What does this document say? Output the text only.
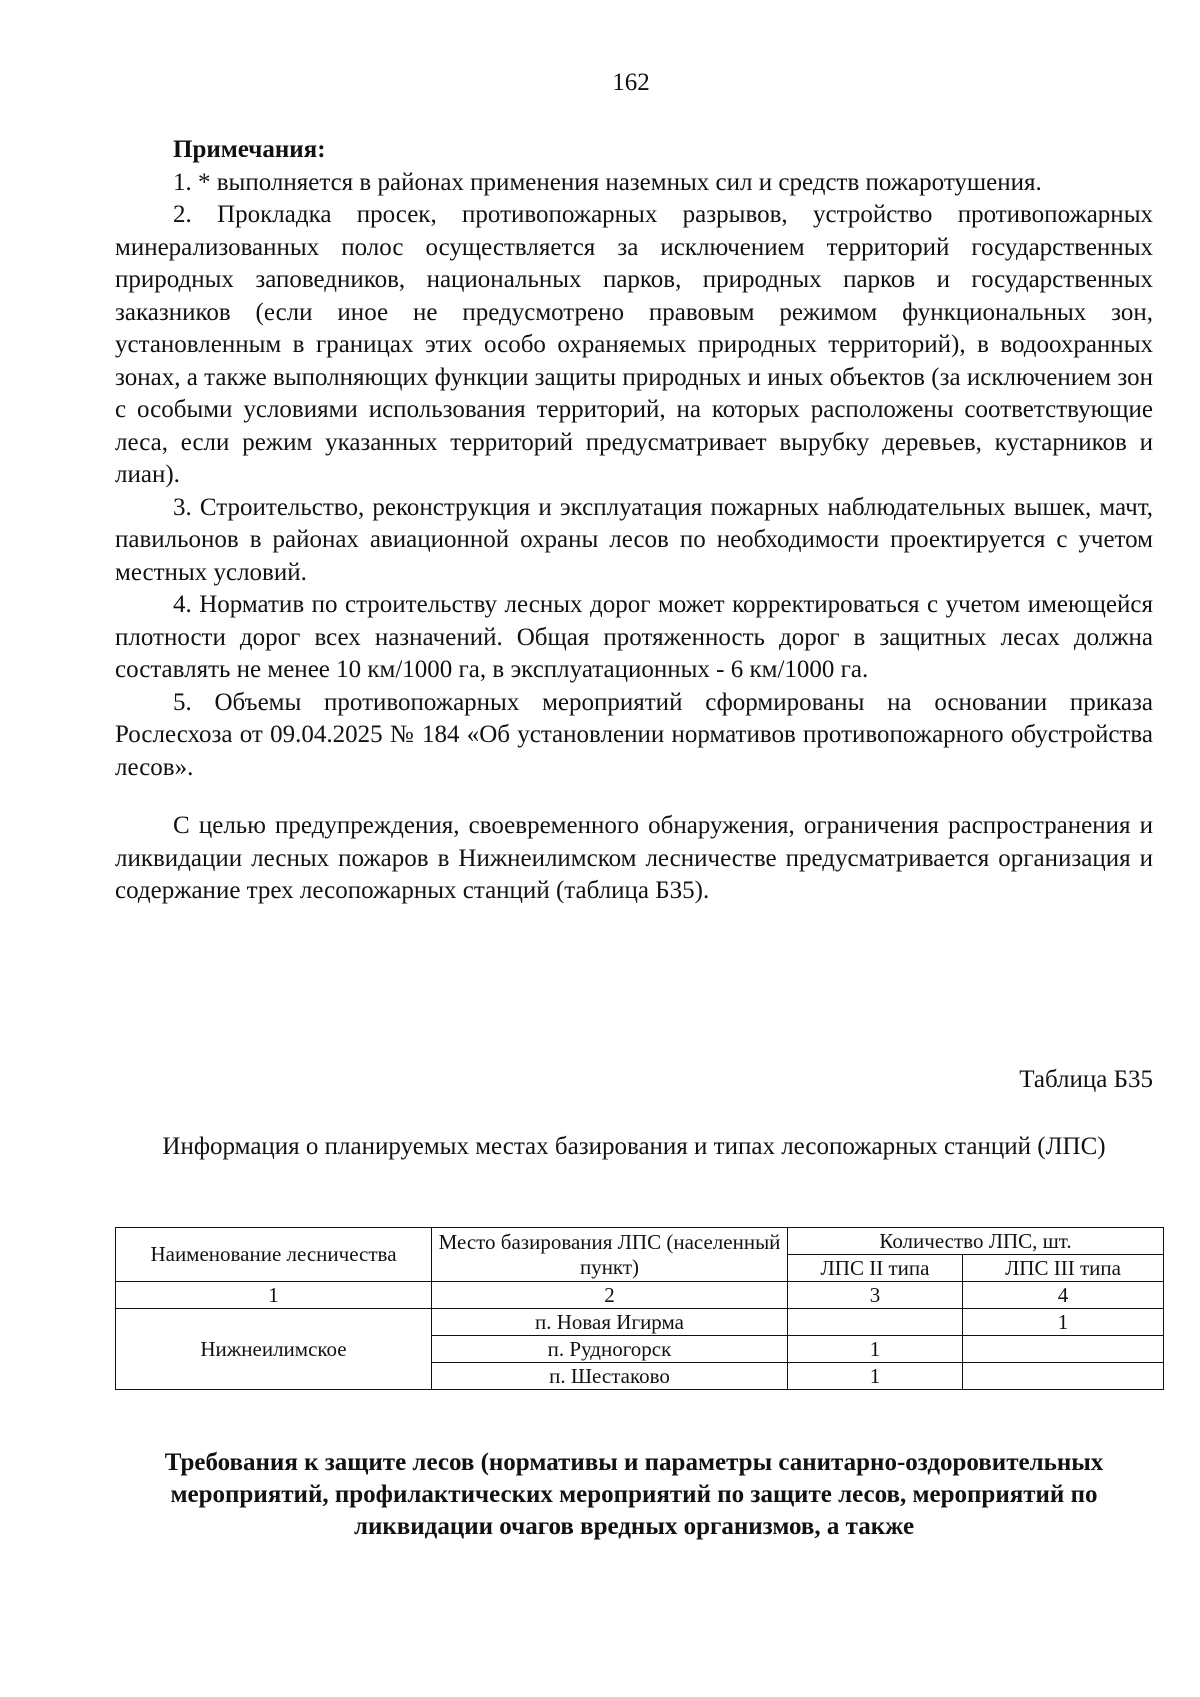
162

Примечания:

1. * выполняется в районах применения наземных сил и средств пожаротушения.

2. Прокладка просек, противопожарных разрывов, устройство противопожарных минерализованных полос осуществляется за исключением территорий государственных природных заповедников, национальных парков, природных парков и государственных заказников (если иное не предусмотрено правовым режимом функциональных зон, установленным в границах этих особо охраняемых природных территорий), в водоохранных зонах, а также выполняющих функции защиты природных и иных объектов (за исключением зон с особыми условиями использования территорий, на которых расположены соответствующие леса, если режим указанных территорий предусматривает вырубку деревьев, кустарников и лиан).

3. Строительство, реконструкция и эксплуатация пожарных наблюдательных вышек, мачт, павильонов в районах авиационной охраны лесов по необходимости проектируется с учетом местных условий.

4. Норматив по строительству лесных дорог может корректироваться с учетом имеющейся плотности дорог всех назначений. Общая протяженность дорог в защитных лесах должна составлять не менее 10 км/1000 га, в эксплуатационных - 6 км/1000 га.

5. Объемы противопожарных мероприятий сформированы на основании приказа Рослесхоза от 09.04.2025 № 184 «Об установлении нормативов противопожарного обустройства лесов».

С целью предупреждения, своевременного обнаружения, ограничения распространения и ликвидации лесных пожаров в Нижнеилимском лесничестве предусматривается организация и содержание трех лесопожарных станций (таблица Б35).

Таблица Б35
Информация о планируемых местах базирования и типах лесопожарных станций (ЛПС)
Наименование лесничества	Место базирования ЛПС (населенный пункт)	Количество ЛПС, шт.	
		ЛПС II типа	ЛПС III типа
1	2	3	4
Нижнеилимское	п. Новая Игирма		1
	п. Рудногорск	1	
	п. Шестаково	1	
Требования к защите лесов (нормативы и параметры санитарно-оздоровительных мероприятий, профилактических мероприятий по защите лесов, мероприятий по ликвидации очагов вредных организмов, а также
